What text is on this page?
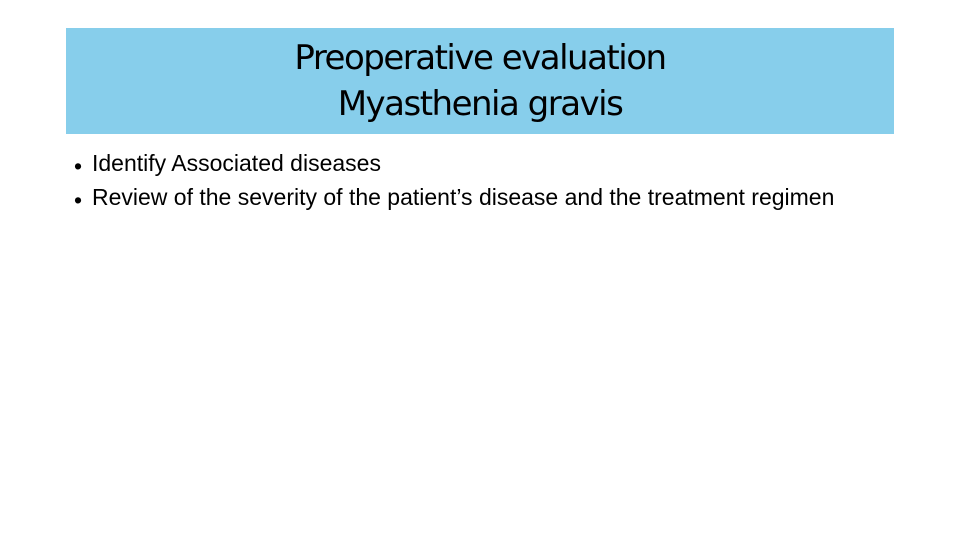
Preoperative evaluation
Myasthenia gravis
• Identify Associated diseases
• Review of the severity of the patient’s disease and the treatment regimen
